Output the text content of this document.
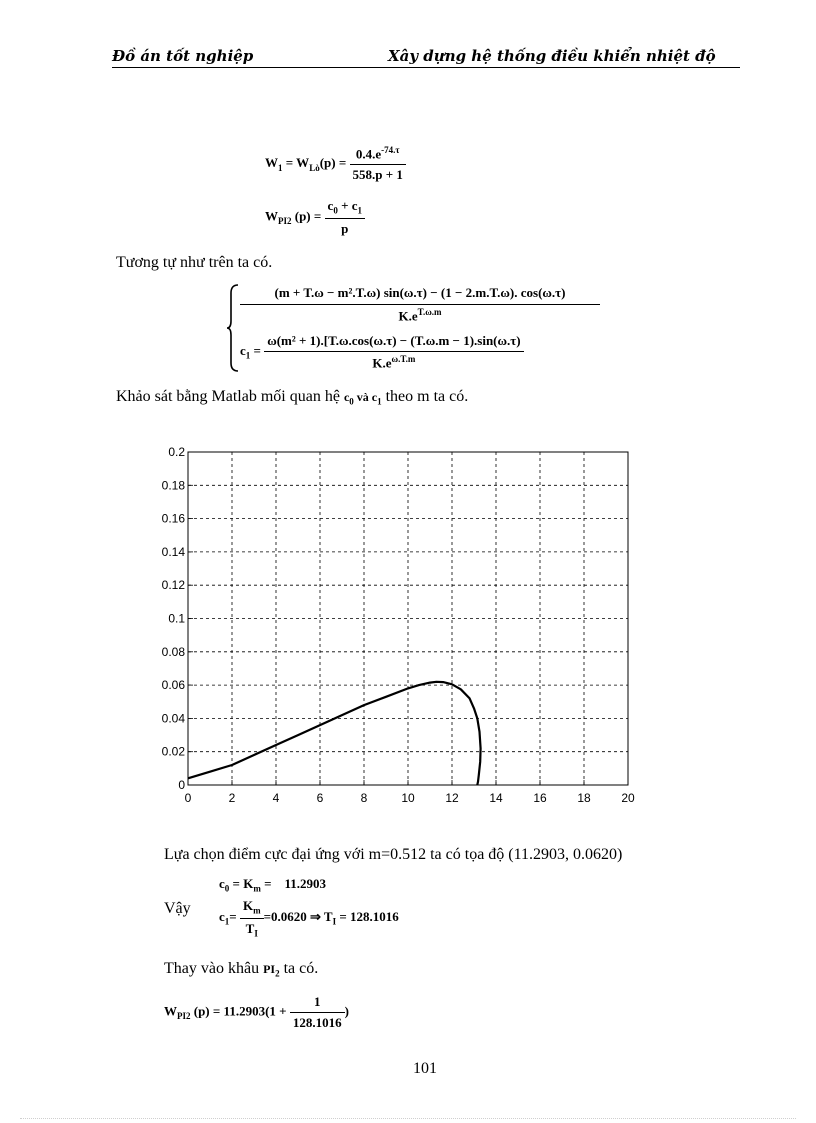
Đồ án tốt nghiệp	Xây dựng hệ thống điều khiển nhiệt độ
$W_1 = W_{Lò}(p) = \frac{0.4.e^{-74.\tau}}{558.p + 1}$
$W_{PI2}$ $(p) = \frac{c_0 + c_1}{p}$
Tương tự như trên ta có.
$\frac{\text{(m + T.ω − m².T.ω) sin(ω.τ) − (1 − 2.m.T.ω). cos(ω.τ)}}{K.e^{T.\omega.m}}$
$c_1 = \frac{\text{ω(m² + 1).[T.ω.cos(ω.τ) − (T.ω.m − 1).sin(ω.τ)}}{K.e^{\omega.T.m}}$
Khảo sát bằng Matlab mối quan hệ $c_0$ và $c_1$ theo m ta có.
0	2	4	6	8	10	12	14	16	18	20
0
0.02
0.04
0.06
0.08
0.1
0.12
0.14
0.16
0.18
0.2
Lựa chọn điểm cực đại ứng với m=0.512 ta có tọa độ (11.2903, 0.0620)
Vậy
$c_0 = K_m$ =    11.2903
$c_1= \frac{K_m}{T_I} =0.0620$ ⇒ $T_I = 128.1016$
Thay vào khâu $PI_2$ ta có.
$W_{PI2}$ $(p) = 11.2903(1 + \frac{1}{128.1016}$ )
101
